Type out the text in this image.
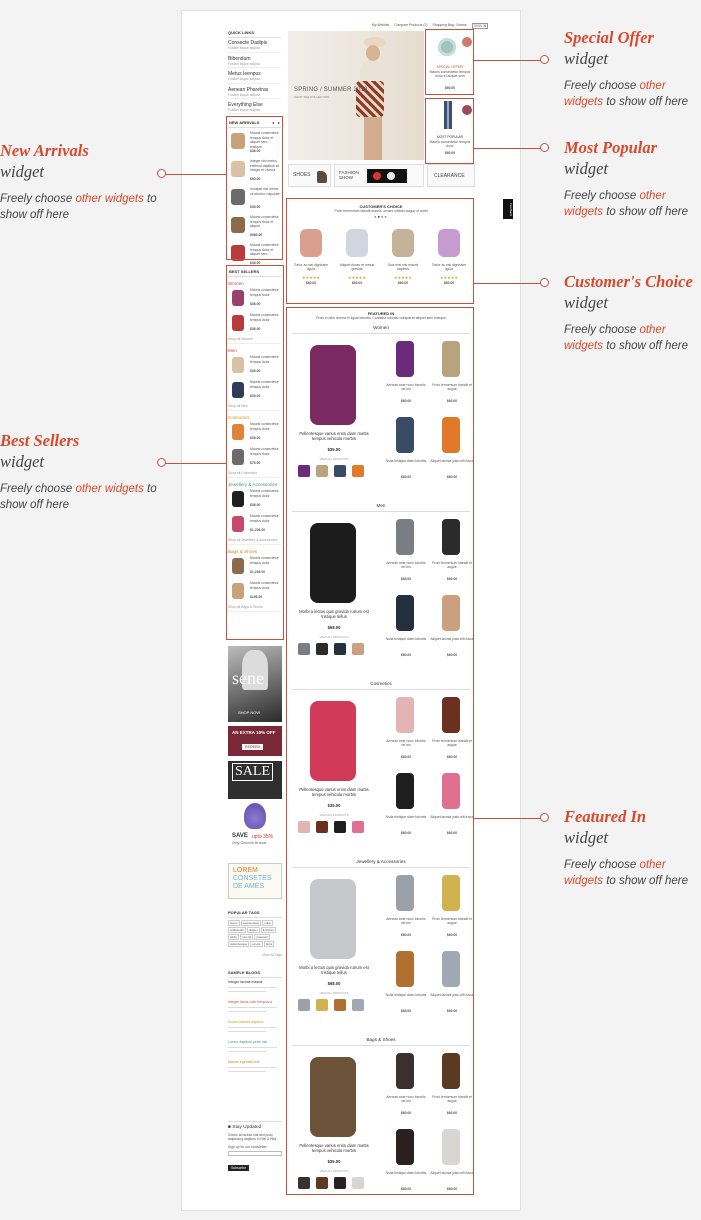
My Wishlist Compare Products (2) Shopping Bag: 0 items	SIGN IN
QUICK LINKS
Consecte Dadipis
Fusibel lisque adipisc
Bibendum
Fusibel lisque adipisc
Metus Ieenpus
Fusibel lisque adipisc
Aenean Pharetras
Fusibel lisque adipisc
Everything Else
Fusibel lisque adipisc
SPRING / SUMMER 2012
SHOP THE COLLECTION
SHOES	FASHION SHOW	CLEARANCE
SPECIAL OFFER!
Mauris consectetur tempus dolor et aliquet sem
$60.00
MOST POPULAR
Mauris consectetur tempus dolor
$60.00
NEW ARRIVALS	◂ ▸
Mauris consectetur tempus dolor et aliquet sem tristique
$36.00
Integer nisi metus eleifend dapibus sit integer et viverra
$90.00
Volutpat nisi metus sit abrotor vulputate
$36.00
Mauris consectetur tempus dolor et aliquet
$980.00
Mauris consectetur tempus dolor et aliquet sem
$36.00
BEST SELLERS
Women
Mauris consectetur tempus dolor
$36.00
Mauris consectetur tempus dolor
$36.00
Shop all Women
Men
Mauris consectetur tempus dolor
$36.00
Mauris consectetur tempus dolor
$36.00
Shop all Men
Cosmetics
Mauris consectetur tempus dolor
$36.00
Mauris consectetur tempus dolor
$76.00
Shop all Cosmetics
Jewellery & Accessories
Mauris consectetur tempus dolor
$36.00
Mauris consectetur tempus dolor
$1,236.00
Shop all Jewellery & Accessories
Bags & Shoes
Mauris consectetur tempus dolor
$1,236.00
Mauris consectetur tempus dolor
$196.00
Shop all Bags & Shoes
sene
SHOP NOW
AN EXTRA 10% OFF
REDEEM
SALE
SAVE upto 35%
Only Genuine Brands
LOREM
CONSETES
DE AMES
POPULAR TAGS
lorem	suspendisse	nulla
sollicitudin	aliquet	tincidunt
lobby	nisi elit	praesent
pellentesque	ornare	dolor
View All Tags
SAMPLE BLOGS
Integer lacinia massa
Integer lacus odio tempus a
Donec blandit dapibus
Lorem dapibus pede nisi
Mauris egestas erat
■ Stay Updated
Donec at lacinia nisi sed justo adipiscing dapibus in Nisi & Rita
Sign up for our newsletter:
Subscribe
CUSTOMER'S CHOICE
Proin fermentum blandit mauris, ornare ultrices augue ut amet
●●●●
Tortor ac nisi dignissim ligula
★★★★★
$60.00
Aliquet donec et metus gravida
★★★★★
$60.00
Duis erat nisi mauris dapibus
★★★★★
$60.00
Tortor ac nisi dignissim ligula
★★★★★
$60.00
FEATURED IN
Proin in nibh viverra et ligula lobortis. Curabitur lobortis volutpat et aliquet sem tristique
Women
Pellentesque varius enim diam mattis tempus vehicula morbis
$35.00
VIEW ALL PRODUCTS
Aenean ante nunc lobortis vel leo
$60.00
Proin fermentum blandit et augue
$60.00
Nulla tristique diam lobortis
$60.00
Aliquet lacinia justo elit fusce
$60.00
Men
Morbi a lectus quis gravida rutrum est tristique tellus
$68.00
VIEW ALL PRODUCTS
Aenean ante nunc lobortis vel leo
$60.00
Proin fermentum blandit et augue
$60.00
Nulla tristique diam lobortis
$60.00
Aliquet lacinia justo elit fusce
$60.00
Cosmetics
Pellentesque varius enim diam mattis tempus vehicula morbis
$35.00
VIEW ALL PRODUCTS
Aenean ante nunc lobortis vel leo
$60.00
Proin fermentum blandit et augue
$60.00
Nulla tristique diam lobortis
$60.00
Aliquet lacinia justo elit fusce
$60.00
Jewellery & Accessories
Morbi a lectus quis gravida rutrum est tristique tellus
$68.00
VIEW ALL PRODUCTS
Aenean ante nunc lobortis vel leo
$60.00
Proin fermentum blandit et augue
$60.00
Nulla tristique diam lobortis
$60.00
Aliquet lacinia justo elit fusce
$60.00
Bags & Shoes
Pellentesque varius enim diam mattis tempus vehicula morbis
$35.00
VIEW ALL PRODUCTS
Aenean ante nunc lobortis vel leo
$60.00
Proin fermentum blandit et augue
$60.00
Nulla tristique diam lobortis
$60.00
Aliquet lacinia justo elit fusce
$60.00
Feedback
Special Offer
widget
Freely choose other widgets to show off here
Most Popular
widget
Freely choose other widgets to show off here
Customer's Choice
widget
Freely choose other widgets to show off here
Featured In
widget
Freely choose other widgets to show off here
New Arrivals
widget
Freely choose other widgets to show off here
Best Sellers
widget
Freely choose other widgets to show off here
